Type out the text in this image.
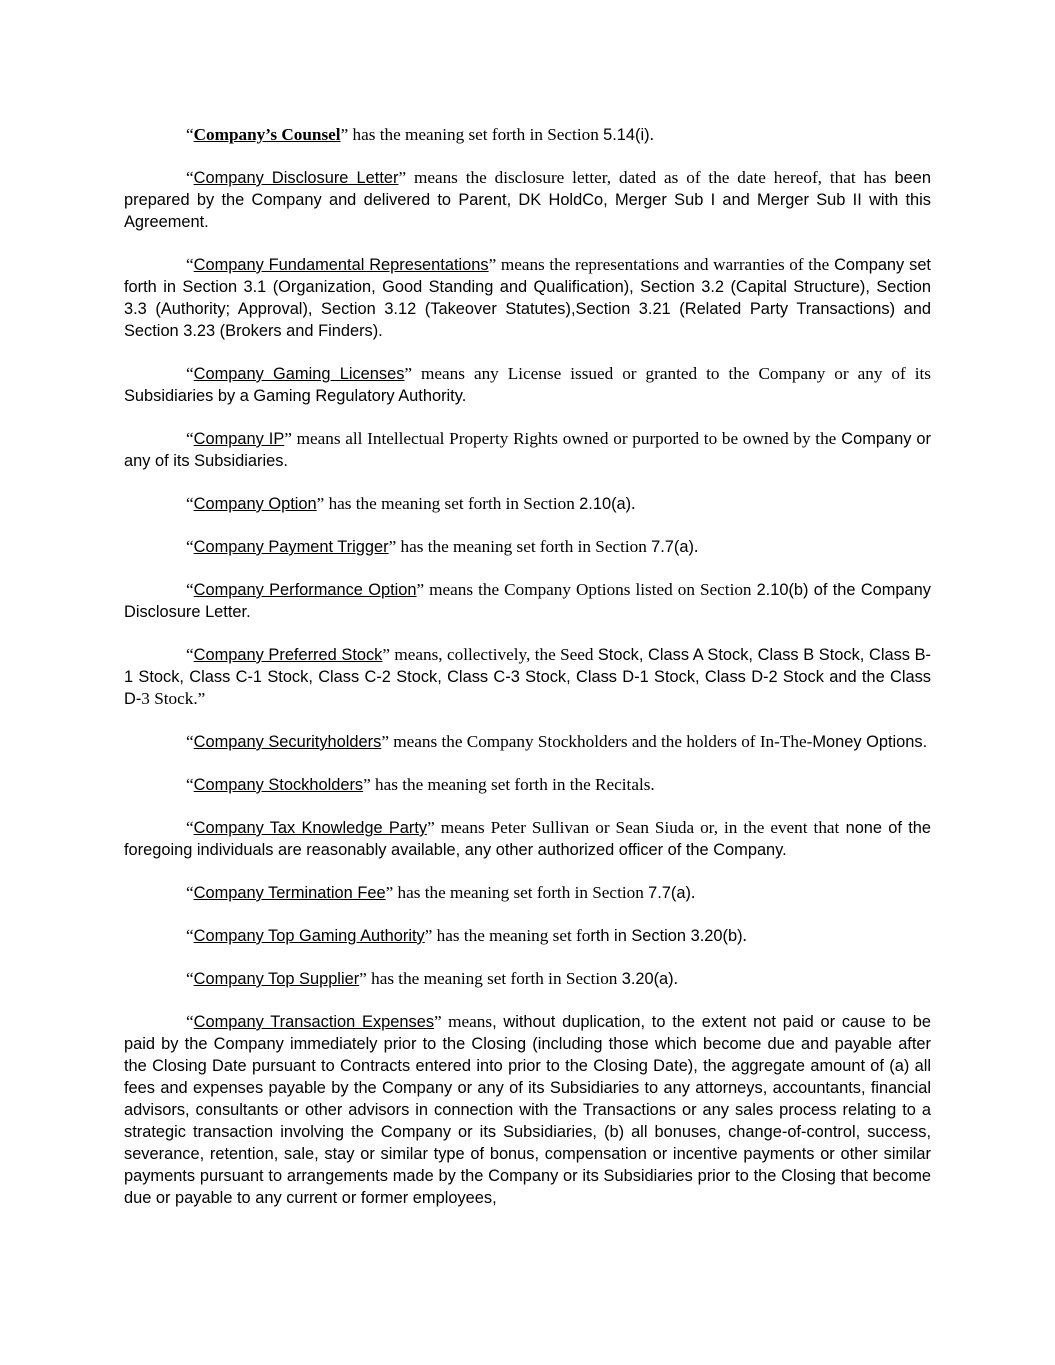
“Company’s Counsel” has the meaning set forth in Section 5.14(i).

“Company Disclosure Letter” means the disclosure letter, dated as of the date hereof, that has been prepared by the Company and delivered to Parent, DK HoldCo, Merger Sub I and Merger Sub II with this Agreement.

“Company Fundamental Representations” means the representations and warranties of the Company set forth in Section 3.1 (Organization, Good Standing and Qualification), Section 3.2 (Capital Structure), Section 3.3 (Authority; Approval), Section 3.12 (Takeover Statutes),Section 3.21 (Related Party Transactions) and Section 3.23 (Brokers and Finders).

“Company Gaming Licenses” means any License issued or granted to the Company or any of its Subsidiaries by a Gaming Regulatory Authority.

“Company IP” means all Intellectual Property Rights owned or purported to be owned by the Company or any of its Subsidiaries.

“Company Option” has the meaning set forth in Section 2.10(a).

“Company Payment Trigger” has the meaning set forth in Section 7.7(a).

“Company Performance Option” means the Company Options listed on Section 2.10(b) of the Company Disclosure Letter.

“Company Preferred Stock” means, collectively, the Seed Stock, Class A Stock, Class B Stock, Class B-1 Stock, Class C-1 Stock, Class C-2 Stock, Class C-3 Stock, Class D-1 Stock, Class D-2 Stock and the Class D-3 Stock.”

“Company Securityholders” means the Company Stockholders and the holders of In-The-Money Options.

“Company Stockholders” has the meaning set forth in the Recitals.

“Company Tax Knowledge Party” means Peter Sullivan or Sean Siuda or, in the event that none of the foregoing individuals are reasonably available, any other authorized officer of the Company.

“Company Termination Fee” has the meaning set forth in Section 7.7(a).

“Company Top Gaming Authority” has the meaning set forth in Section 3.20(b).

“Company Top Supplier” has the meaning set forth in Section 3.20(a).

“Company Transaction Expenses” means, without duplication, to the extent not paid or cause to be paid by the Company immediately prior to the Closing (including those which become due and payable after the Closing Date pursuant to Contracts entered into prior to the Closing Date), the aggregate amount of (a) all fees and expenses payable by the Company or any of its Subsidiaries to any attorneys, accountants, financial advisors, consultants or other advisors in connection with the Transactions or any sales process relating to a strategic transaction involving the Company or its Subsidiaries, (b) all bonuses, change-of-control, success, severance, retention, sale, stay or similar type of bonus, compensation or incentive payments or other similar payments pursuant to arrangements made by the Company or its Subsidiaries prior to the Closing that become due or payable to any current or former employees,
